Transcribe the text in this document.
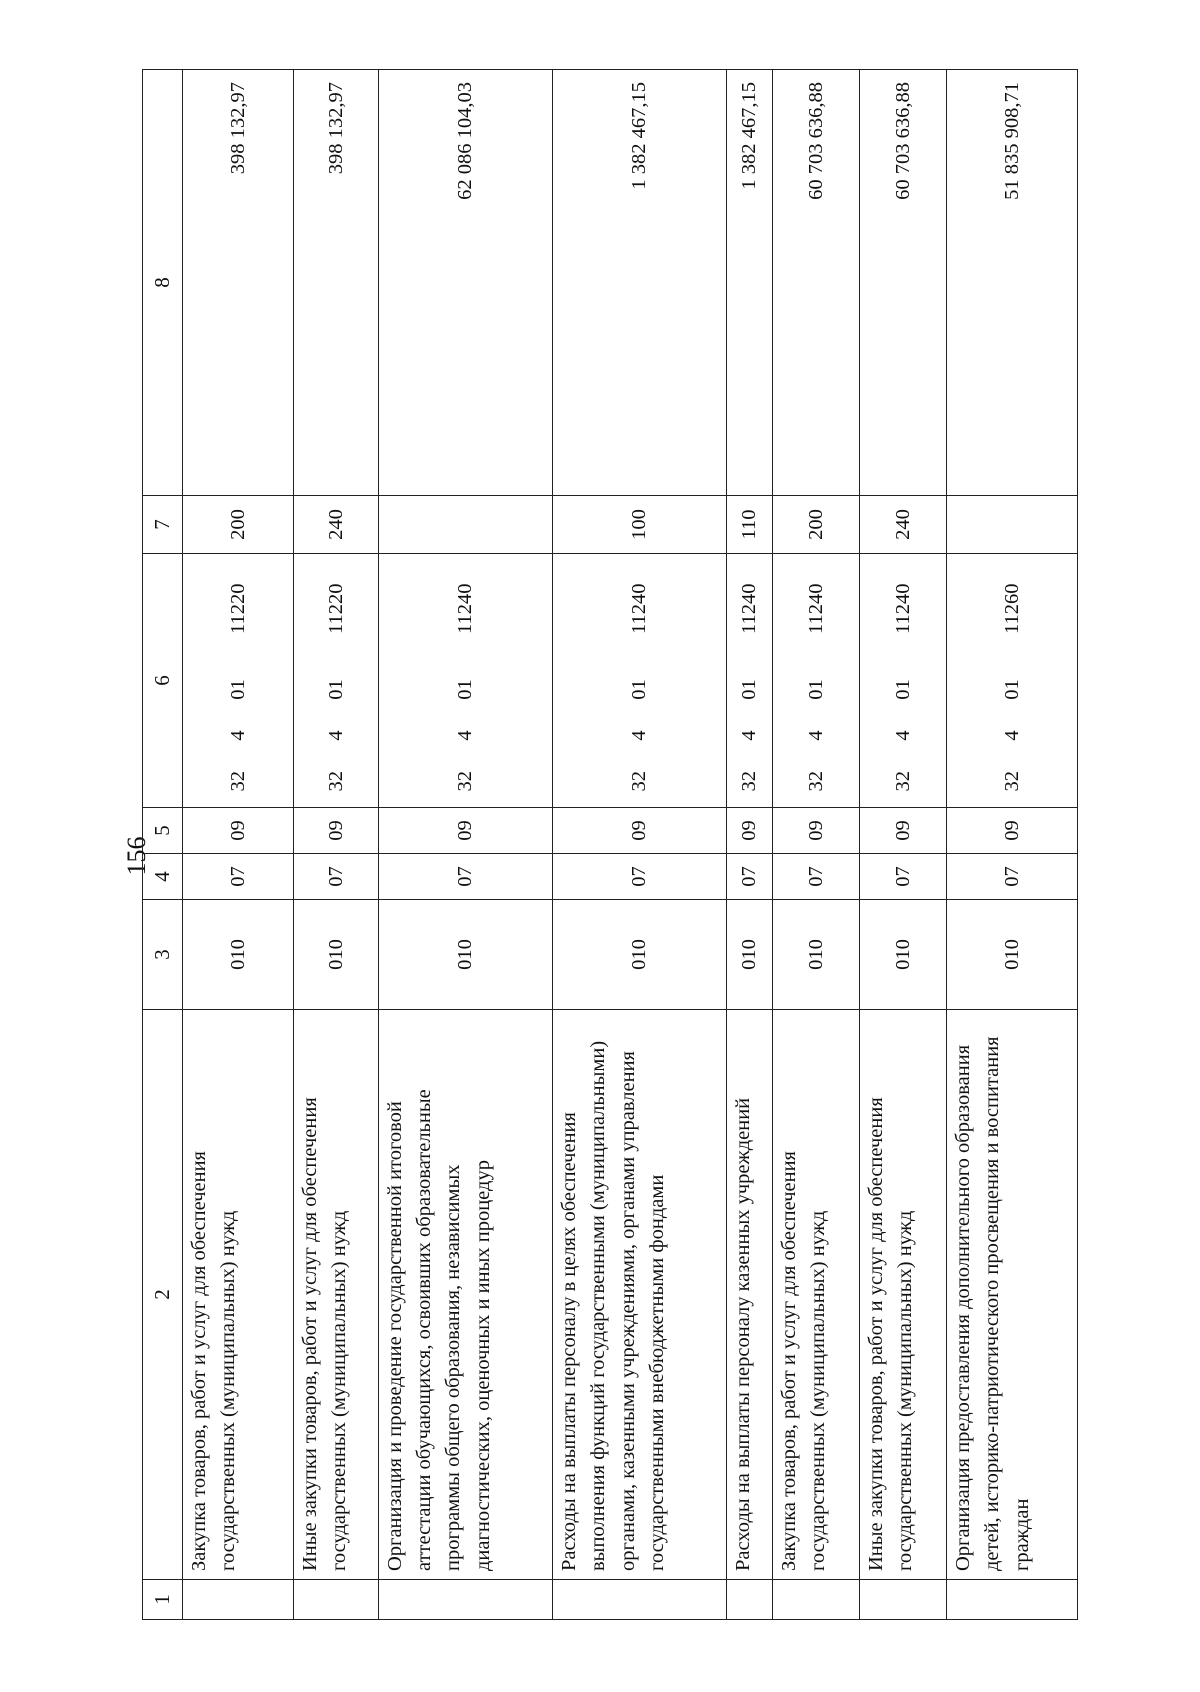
156
1	2	3	4	5	6				7	8
	Закупка товаров, работ и услуг для обеспечения государственных (муниципальных) нужд	010	07	09	32	4	01	11220	200	398 132,97
	Иные закупки товаров, работ и услуг для обеспечения государственных (муниципальных) нужд	010	07	09	32	4	01	11220	240	398 132,97
	Организация и проведение государственной итоговой аттестации обучающихся, освоивших образовательные программы общего образования, независимых диагностических, оценочных и иных процедур	010	07	09	32	4	01	11240		62 086 104,03
	Расходы на выплаты персоналу в целях обеспечения выполнения функций государственными (муниципальными) органами, казенными учреждениями, органами управления государственными внебюджетными фондами	010	07	09	32	4	01	11240	100	1 382 467,15
	Расходы на выплаты персоналу казенных учреждений	010	07	09	32	4	01	11240	110	1 382 467,15
	Закупка товаров, работ и услуг для обеспечения государственных (муниципальных) нужд	010	07	09	32	4	01	11240	200	60 703 636,88
	Иные закупки товаров, работ и услуг для обеспечения государственных (муниципальных) нужд	010	07	09	32	4	01	11240	240	60 703 636,88
	Организация предоставления дополнительного образования детей, историко-патриотического просвещения и воспитания граждан	010	07	09	32	4	01	11260		51 835 908,71
